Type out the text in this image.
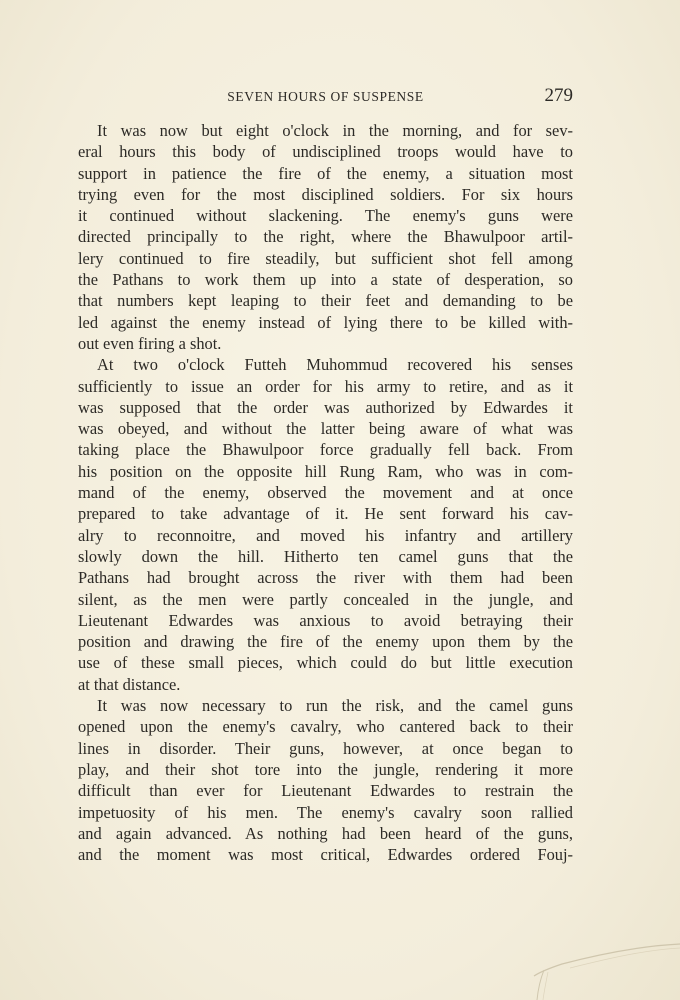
SEVEN HOURS OF SUSPENSE	279
It was now but eight o'clock in the morning, and for sev-
eral hours this body of undisciplined troops would have to
support in patience the fire of the enemy, a situation most
trying even for the most disciplined soldiers. For six hours
it continued without slackening. The enemy's guns were
directed principally to the right, where the Bhawulpoor artil-
lery continued to fire steadily, but sufficient shot fell among
the Pathans to work them up into a state of desperation, so
that numbers kept leaping to their feet and demanding to be
led against the enemy instead of lying there to be killed with-
out even firing a shot.
At two o'clock Futteh Muhommud recovered his senses
sufficiently to issue an order for his army to retire, and as it
was supposed that the order was authorized by Edwardes it
was obeyed, and without the latter being aware of what was
taking place the Bhawulpoor force gradually fell back. From
his position on the opposite hill Rung Ram, who was in com-
mand of the enemy, observed the movement and at once
prepared to take advantage of it. He sent forward his cav-
alry to reconnoitre, and moved his infantry and artillery
slowly down the hill. Hitherto ten camel guns that the
Pathans had brought across the river with them had been
silent, as the men were partly concealed in the jungle, and
Lieutenant Edwardes was anxious to avoid betraying their
position and drawing the fire of the enemy upon them by the
use of these small pieces, which could do but little execution
at that distance.
It was now necessary to run the risk, and the camel guns
opened upon the enemy's cavalry, who cantered back to their
lines in disorder. Their guns, however, at once began to
play, and their shot tore into the jungle, rendering it more
difficult than ever for Lieutenant Edwardes to restrain the
impetuosity of his men. The enemy's cavalry soon rallied
and again advanced. As nothing had been heard of the guns,
and the moment was most critical, Edwardes ordered Fouj-
